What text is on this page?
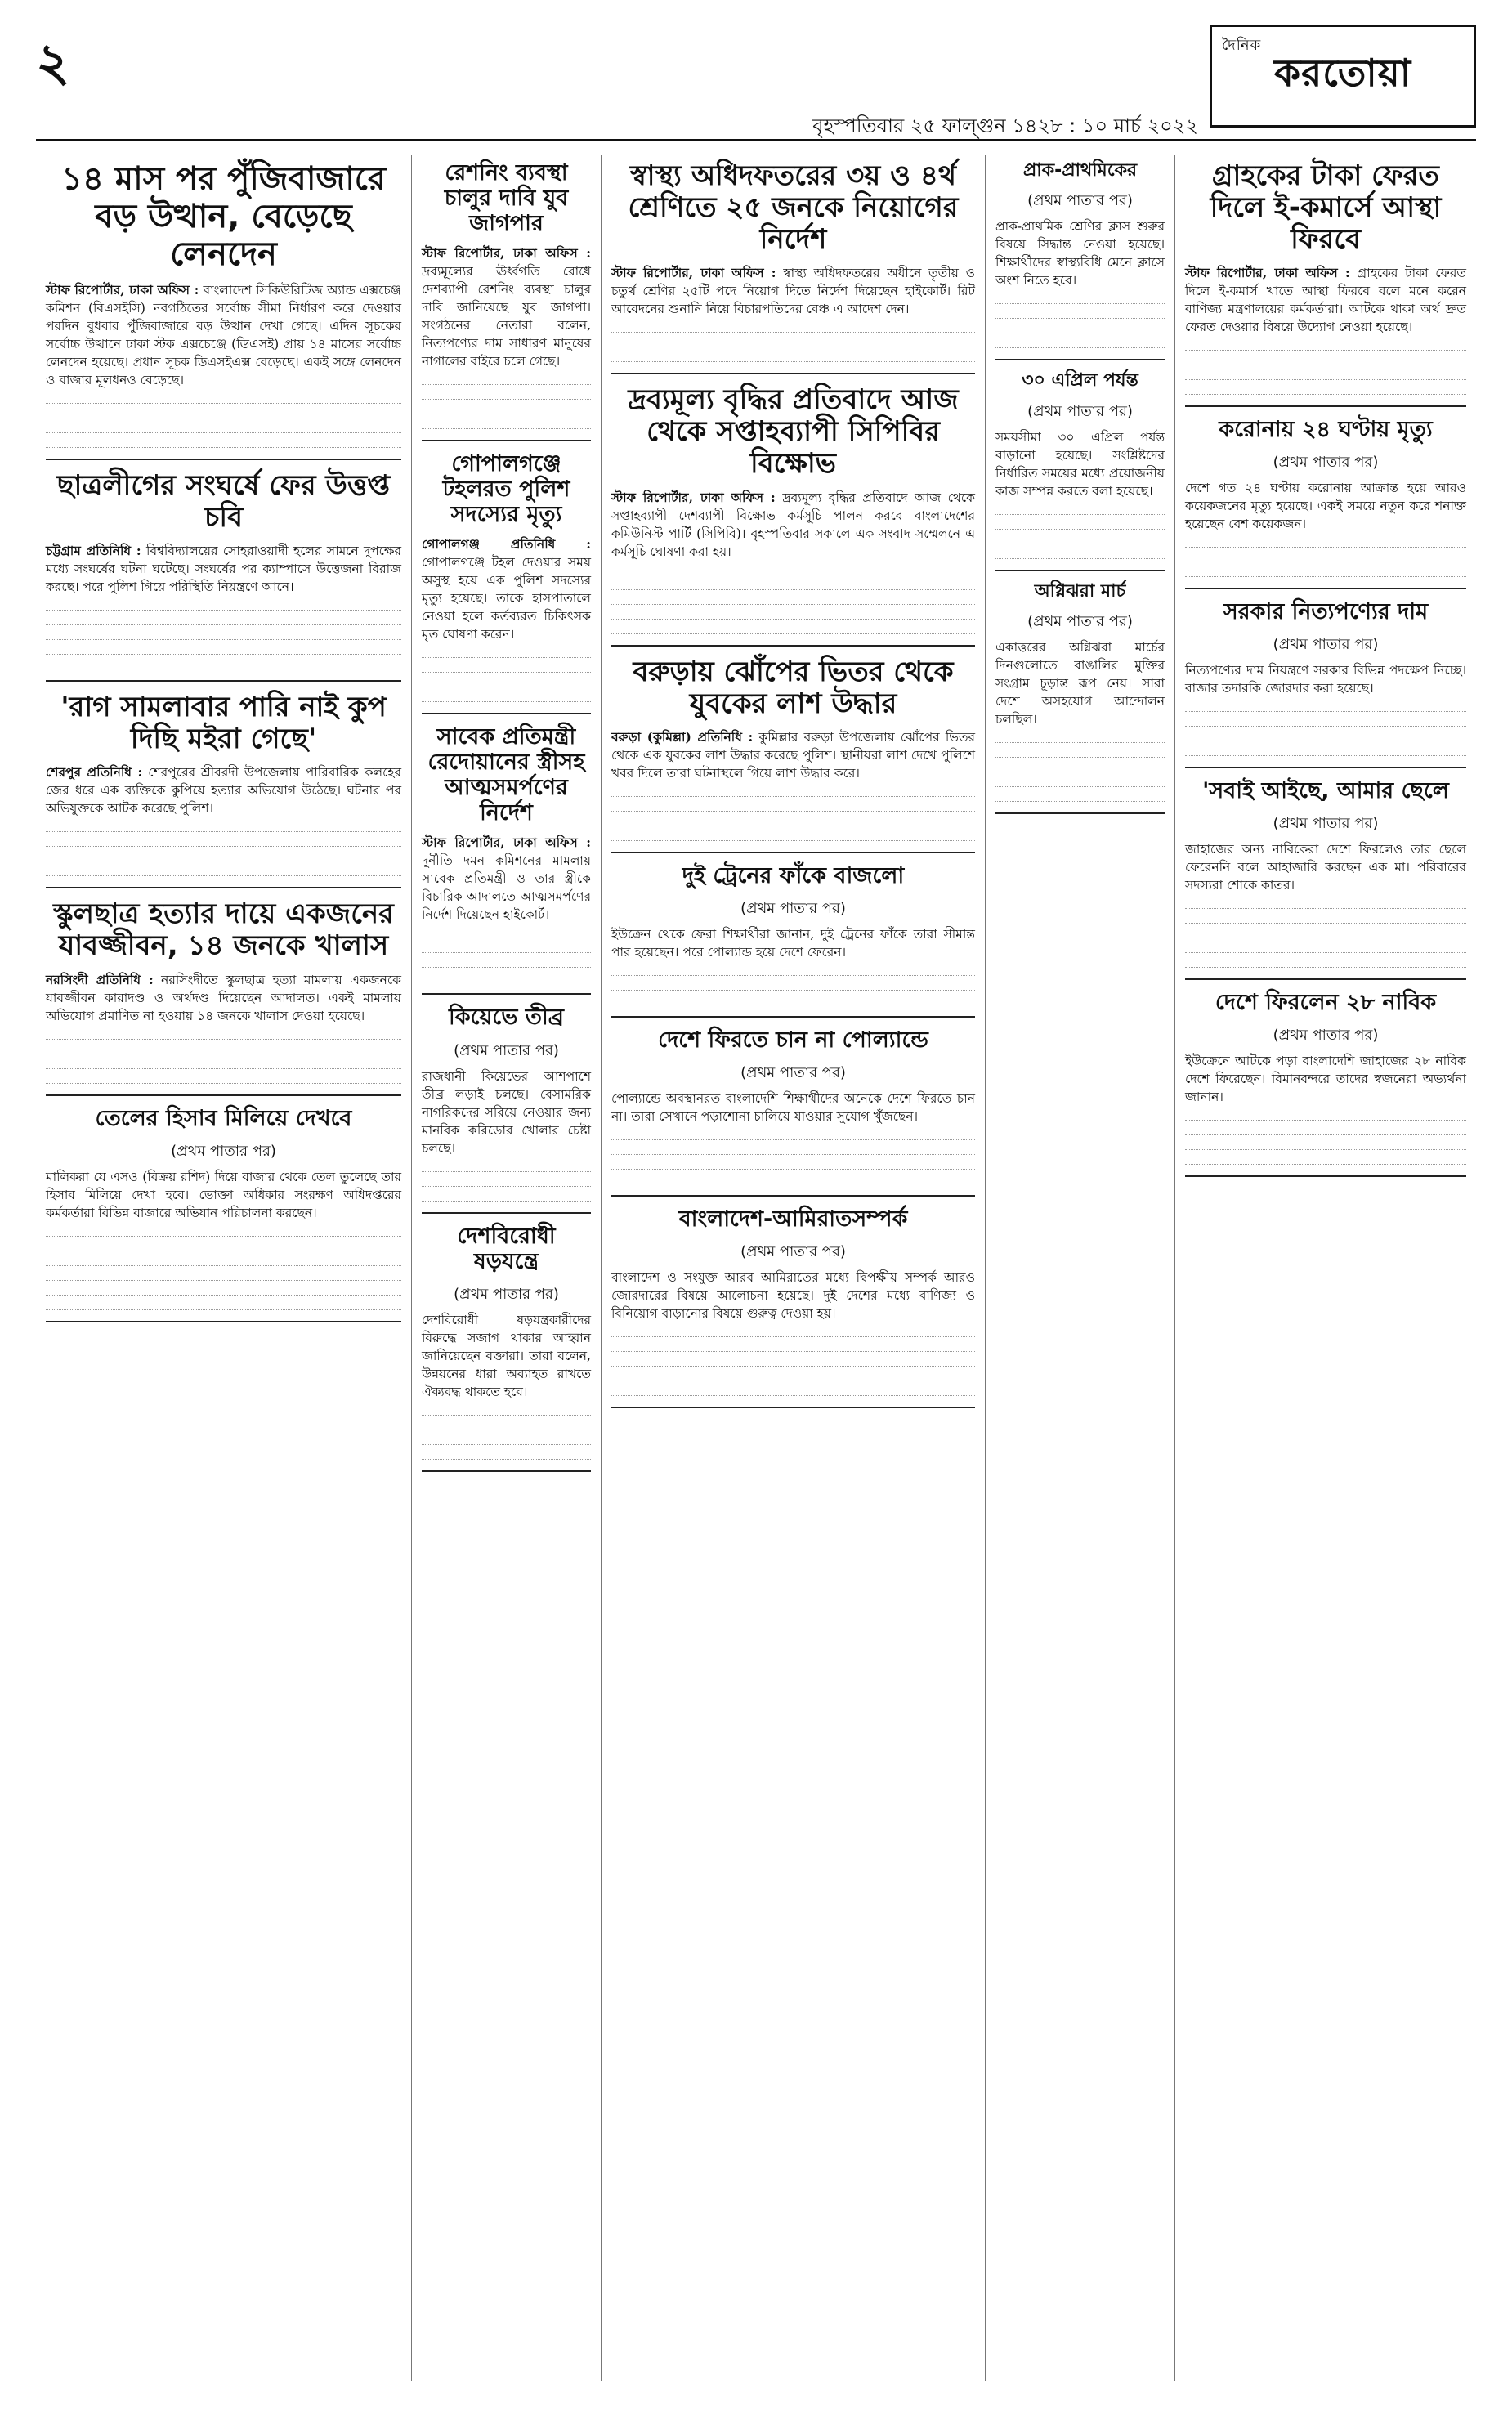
২
বৃহস্পতিবার ২৫ ফাল্গুন ১৪২৮ : ১০ মার্চ ২০২২
দৈনিক
করতোয়া
১৪ মাস পর পুঁজিবাজারে বড় উত্থান, বেড়েছে লেনদেন

স্টাফ রিপোর্টার, ঢাকা অফিস : বাংলাদেশ সিকিউরিটিজ অ্যান্ড এক্সচেঞ্জ কমিশন (বিএসইসি) নবগঠিতের সর্বোচ্চ সীমা নির্ধারণ করে দেওয়ার পরদিন বুধবার পুঁজিবাজারে বড় উত্থান দেখা গেছে। এদিন সূচকের সর্বোচ্চ উত্থানে ঢাকা স্টক এক্সচেঞ্জে (ডিএসই) প্রায় ১৪ মাসের সর্বোচ্চ লেনদেন হয়েছে। প্রধান সূচক ডিএসইএক্স বেড়েছে। একই সঙ্গে লেনদেন ও বাজার মূলধনও বেড়েছে।

ছাত্রলীগের সংঘর্ষে ফের উত্তপ্ত চবি

চট্টগ্রাম প্রতিনিধি : বিশ্ববিদ্যালয়ের সোহরাওয়ার্দী হলের সামনে দুপক্ষের মধ্যে সংঘর্ষের ঘটনা ঘটেছে। সংঘর্ষের পর ক্যাম্পাসে উত্তেজনা বিরাজ করছে। পরে পুলিশ গিয়ে পরিস্থিতি নিয়ন্ত্রণে আনে।

'রাগ সামলাবার পারি নাই কুপ দিছি মইরা গেছে'

শেরপুর প্রতিনিধি : শেরপুরের শ্রীবরদী উপজেলায় পারিবারিক কলহের জের ধরে এক ব্যক্তিকে কুপিয়ে হত্যার অভিযোগ উঠেছে। ঘটনার পর অভিযুক্তকে আটক করেছে পুলিশ।

স্কুলছাত্র হত্যার দায়ে একজনের যাবজ্জীবন, ১৪ জনকে খালাস

নরসিংদী প্রতিনিধি : নরসিংদীতে স্কুলছাত্র হত্যা মামলায় একজনকে যাবজ্জীবন কারাদণ্ড ও অর্থদণ্ড দিয়েছেন আদালত। একই মামলায় অভিযোগ প্রমাণিত না হওয়ায় ১৪ জনকে খালাস দেওয়া হয়েছে।

তেলের হিসাব মিলিয়ে দেখবে
(প্রথম পাতার পর)

মালিকরা যে এসও (বিক্রয় রশিদ) দিয়ে বাজার থেকে তেল তুলেছে তার হিসাব মিলিয়ে দেখা হবে। ভোক্তা অধিকার সংরক্ষণ অধিদপ্তরের কর্মকর্তারা বিভিন্ন বাজারে অভিযান পরিচালনা করছেন।

রেশনিং ব্যবস্থা চালুর দাবি যুব জাগপার

স্টাফ রিপোর্টার, ঢাকা অফিস : দ্রব্যমূল্যের ঊর্ধ্বগতি রোধে দেশব্যাপী রেশনিং ব্যবস্থা চালুর দাবি জানিয়েছে যুব জাগপা। সংগঠনের নেতারা বলেন, নিত্যপণ্যের দাম সাধারণ মানুষের নাগালের বাইরে চলে গেছে।

গোপালগঞ্জে টহলরত পুলিশ সদস্যের মৃত্যু

গোপালগঞ্জ প্রতিনিধি : গোপালগঞ্জে টহল দেওয়ার সময় অসুস্থ হয়ে এক পুলিশ সদস্যের মৃত্যু হয়েছে। তাকে হাসপাতালে নেওয়া হলে কর্তব্যরত চিকিৎসক মৃত ঘোষণা করেন।

সাবেক প্রতিমন্ত্রী রেদোয়ানের স্ত্রীসহ আত্মসমর্পণের নির্দেশ

স্টাফ রিপোর্টার, ঢাকা অফিস : দুর্নীতি দমন কমিশনের মামলায় সাবেক প্রতিমন্ত্রী ও তার স্ত্রীকে বিচারিক আদালতে আত্মসমর্পণের নির্দেশ দিয়েছেন হাইকোর্ট।

কিয়েভে তীব্র
(প্রথম পাতার পর)

রাজধানী কিয়েভের আশপাশে তীব্র লড়াই চলছে। বেসামরিক নাগরিকদের সরিয়ে নেওয়ার জন্য মানবিক করিডোর খোলার চেষ্টা চলছে।

দেশবিরোধী ষড়যন্ত্রে
(প্রথম পাতার পর)

দেশবিরোধী ষড়যন্ত্রকারীদের বিরুদ্ধে সজাগ থাকার আহ্বান জানিয়েছেন বক্তারা। তারা বলেন, উন্নয়নের ধারা অব্যাহত রাখতে ঐক্যবদ্ধ থাকতে হবে।

স্বাস্থ্য অধিদফতরের ৩য় ও ৪র্থ শ্রেণিতে ২৫ জনকে নিয়োগের নির্দেশ

স্টাফ রিপোর্টার, ঢাকা অফিস : স্বাস্থ্য অধিদফতরের অধীনে তৃতীয় ও চতুর্থ শ্রেণির ২৫টি পদে নিয়োগ দিতে নির্দেশ দিয়েছেন হাইকোর্ট। রিট আবেদনের শুনানি নিয়ে বিচারপতিদের বেঞ্চ এ আদেশ দেন।

দ্রব্যমূল্য বৃদ্ধির প্রতিবাদে আজ থেকে সপ্তাহব্যাপী সিপিবির বিক্ষোভ

স্টাফ রিপোর্টার, ঢাকা অফিস : দ্রব্যমূল্য বৃদ্ধির প্রতিবাদে আজ থেকে সপ্তাহব্যাপী দেশব্যাপী বিক্ষোভ কর্মসূচি পালন করবে বাংলাদেশের কমিউনিস্ট পার্টি (সিপিবি)। বৃহস্পতিবার সকালে এক সংবাদ সম্মেলনে এ কর্মসূচি ঘোষণা করা হয়।

বরুড়ায় ঝোঁপের ভিতর থেকে যুবকের লাশ উদ্ধার

বরুড়া (কুমিল্লা) প্রতিনিধি : কুমিল্লার বরুড়া উপজেলায় ঝোঁপের ভিতর থেকে এক যুবকের লাশ উদ্ধার করেছে পুলিশ। স্থানীয়রা লাশ দেখে পুলিশে খবর দিলে তারা ঘটনাস্থলে গিয়ে লাশ উদ্ধার করে।

দুই ট্রেনের ফাঁকে বাজলো
(প্রথম পাতার পর)

ইউক্রেন থেকে ফেরা শিক্ষার্থীরা জানান, দুই ট্রেনের ফাঁকে তারা সীমান্ত পার হয়েছেন। পরে পোল্যান্ড হয়ে দেশে ফেরেন।

দেশে ফিরতে চান না পোল্যান্ডে
(প্রথম পাতার পর)

পোল্যান্ডে অবস্থানরত বাংলাদেশি শিক্ষার্থীদের অনেকে দেশে ফিরতে চান না। তারা সেখানে পড়াশোনা চালিয়ে যাওয়ার সুযোগ খুঁজছেন।

বাংলাদেশ-আমিরাতসম্পর্ক
(প্রথম পাতার পর)

বাংলাদেশ ও সংযুক্ত আরব আমিরাতের মধ্যে দ্বিপক্ষীয় সম্পর্ক আরও জোরদারের বিষয়ে আলোচনা হয়েছে। দুই দেশের মধ্যে বাণিজ্য ও বিনিয়োগ বাড়ানোর বিষয়ে গুরুত্ব দেওয়া হয়।

প্রাক-প্রাথমিকের
(প্রথম পাতার পর)

প্রাক-প্রাথমিক শ্রেণির ক্লাস শুরুর বিষয়ে সিদ্ধান্ত নেওয়া হয়েছে। শিক্ষার্থীদের স্বাস্থ্যবিধি মেনে ক্লাসে অংশ নিতে হবে।

৩০ এপ্রিল পর্যন্ত
(প্রথম পাতার পর)

সময়সীমা ৩০ এপ্রিল পর্যন্ত বাড়ানো হয়েছে। সংশ্লিষ্টদের নির্ধারিত সময়ের মধ্যে প্রয়োজনীয় কাজ সম্পন্ন করতে বলা হয়েছে।

অগ্নিঝরা মার্চ
(প্রথম পাতার পর)

একাত্তরের অগ্নিঝরা মার্চের দিনগুলোতে বাঙালির মুক্তির সংগ্রাম চূড়ান্ত রূপ নেয়। সারা দেশে অসহযোগ আন্দোলন চলছিল।

গ্রাহকের টাকা ফেরত দিলে ই-কমার্সে আস্থা ফিরবে

স্টাফ রিপোর্টার, ঢাকা অফিস : গ্রাহকের টাকা ফেরত দিলে ই-কমার্স খাতে আস্থা ফিরবে বলে মনে করেন বাণিজ্য মন্ত্রণালয়ের কর্মকর্তারা। আটকে থাকা অর্থ দ্রুত ফেরত দেওয়ার বিষয়ে উদ্যোগ নেওয়া হয়েছে।

করোনায় ২৪ ঘণ্টায় মৃত্যু
(প্রথম পাতার পর)

দেশে গত ২৪ ঘণ্টায় করোনায় আক্রান্ত হয়ে আরও কয়েকজনের মৃত্যু হয়েছে। একই সময়ে নতুন করে শনাক্ত হয়েছেন বেশ কয়েকজন।

সরকার নিত্যপণ্যের দাম
(প্রথম পাতার পর)

নিত্যপণ্যের দাম নিয়ন্ত্রণে সরকার বিভিন্ন পদক্ষেপ নিচ্ছে। বাজার তদারকি জোরদার করা হয়েছে।

'সবাই আইছে, আমার ছেলে
(প্রথম পাতার পর)

জাহাজের অন্য নাবিকেরা দেশে ফিরলেও তার ছেলে ফেরেননি বলে আহাজারি করছেন এক মা। পরিবারের সদস্যরা শোকে কাতর।

দেশে ফিরলেন ২৮ নাবিক
(প্রথম পাতার পর)

ইউক্রেনে আটকে পড়া বাংলাদেশি জাহাজের ২৮ নাবিক দেশে ফিরেছেন। বিমানবন্দরে তাদের স্বজনেরা অভ্যর্থনা জানান।
